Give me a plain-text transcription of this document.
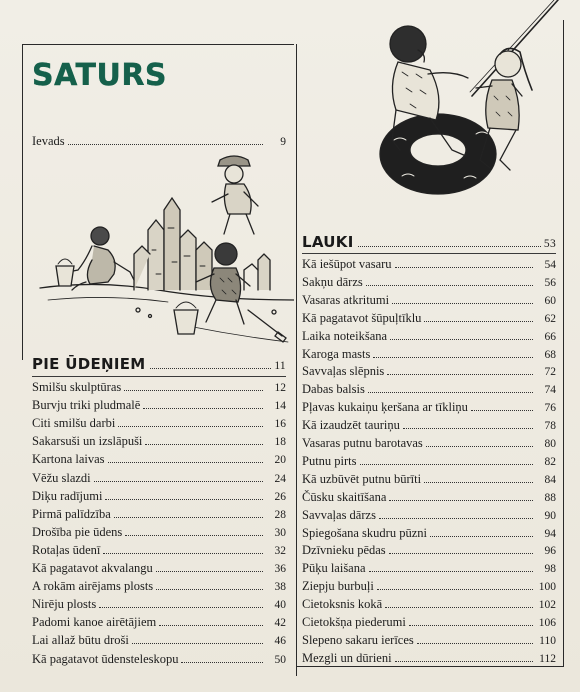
SATURS
Ievads	9
PIE ŪDEŅIEM	11
Smilšu skulptūras	12
Burvju triki pludmalē	14
Citi smilšu darbi	16
Sakarsuši un izslāpuši	18
Kartona laivas	20
Vēžu slazdi	24
Diķu radījumi	26
Pirmā palīdzība	28
Drošība pie ūdens	30
Rotaļas ūdenī	32
Kā pagatavot akvalangu	36
A rokām airējams plosts	38
Nirēju plosts	40
Padomi kanoe airētājiem	42
Lai allaž būtu droši	46
Kā pagatavot ūdensteleskopu	50
LAUKI	53
Kā iešūpot vasaru	54
Sakņu dārzs	56
Vasaras atkritumi	60
Kā pagatavot šūpuļtīklu	62
Laika noteikšana	66
Karoga masts	68
Savvaļas slēpnis	72
Dabas balsis	74
Pļavas kukaiņu ķeršana ar tīkliņu	76
Kā izaudzēt tauriņu	78
Vasaras putnu barotavas	80
Putnu pirts	82
Kā uzbūvēt putnu būrīti	84
Čūsku skaitīšana	88
Savvaļas dārzs	90
Spiegošana skudru pūzni	94
Dzīvnieku pēdas	96
Pūķu laišana	98
Ziepju burbuļi	100
Cietoksnis kokā	102
Cietokšņa piederumi	106
Slepeno sakaru ierīces	110
Mezgli un dūrieni	112
